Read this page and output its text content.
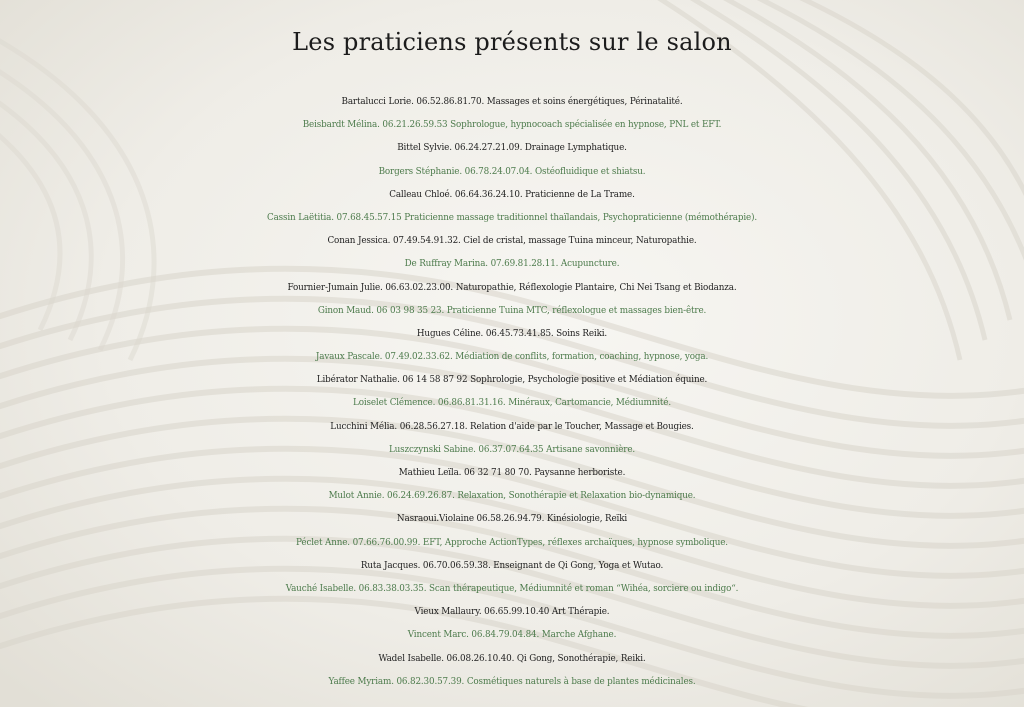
Les praticiens présents sur le salon
Bartalucci Lorie. 06.52.86.81.70. Massages et soins énergétiques, Périnatalité.
Beisbardt Mélina. 06.21.26.59.53 Sophrologue, hypnocoach spécialisée en hypnose, PNL et EFT.
Bittel Sylvie. 06.24.27.21.09. Drainage Lymphatique.
Borgers Stéphanie. 06.78.24.07.04. Ostéofluidique et shiatsu.
Calleau Chloé. 06.64.36.24.10. Praticienne de La Trame.
Cassin Laëtitia. 07.68.45.57.15 Praticienne massage traditionnel thaïlandais, Psychopraticienne (mémothérapie).
Conan Jessica. 07.49.54.91.32. Ciel de cristal, massage Tuina minceur, Naturopathie.
De Ruffray Marina. 07.69.81.28.11. Acupuncture.
Fournier-Jumain Julie. 06.63.02.23.00. Naturopathie, Réflexologie Plantaire, Chi Nei Tsang et Biodanza.
Ginon Maud. 06 03 98 35 23. Praticienne Tuina MTC, réflexologue et massages bien-être.
Hugues Céline. 06.45.73.41.85. Soins Reiki.
Javaux Pascale. 07.49.02.33.62. Médiation de conflits, formation, coaching, hypnose, yoga.
Libérator Nathalie. 06 14 58 87 92 Sophrologie, Psychologie positive et Médiation équine.
Loiselet Clémence. 06.86.81.31.16. Minéraux, Cartomancie, Médiumnité.
Lucchini Mélia. 06.28.56.27.18. Relation d'aide par le Toucher, Massage et Bougies.
Luszczynski Sabine. 06.37.07.64.35 Artisane savonnière.
Mathieu Leïla. 06 32 71 80 70. Paysanne herboriste.
Mulot Annie. 06.24.69.26.87. Relaxation, Sonothérapie et Relaxation bio-dynamique.
Nasraoui.Violaine 06.58.26.94.79. Kinésiologie, Reïki
Péclet Anne. 07.66.76.00.99. EFT, Approche ActionTypes, réflexes archaïques, hypnose symbolique.
Ruta Jacques. 06.70.06.59.38. Enseignant de Qi Gong, Yoga et Wutao.
Vauché Isabelle. 06.83.38.03.35. Scan thérapeutique, Médiumnité et roman “Wihéa, sorciere ou indigo“.
Vieux Mallaury. 06.65.99.10.40 Art Thérapie.
Vincent Marc. 06.84.79.04.84. Marche Afghane.
Wadel Isabelle. 06.08.26.10.40. Qi Gong, Sonothérapie, Reiki.
Yaffee Myriam. 06.82.30.57.39. Cosmétiques naturels à base de plantes médicinales.
